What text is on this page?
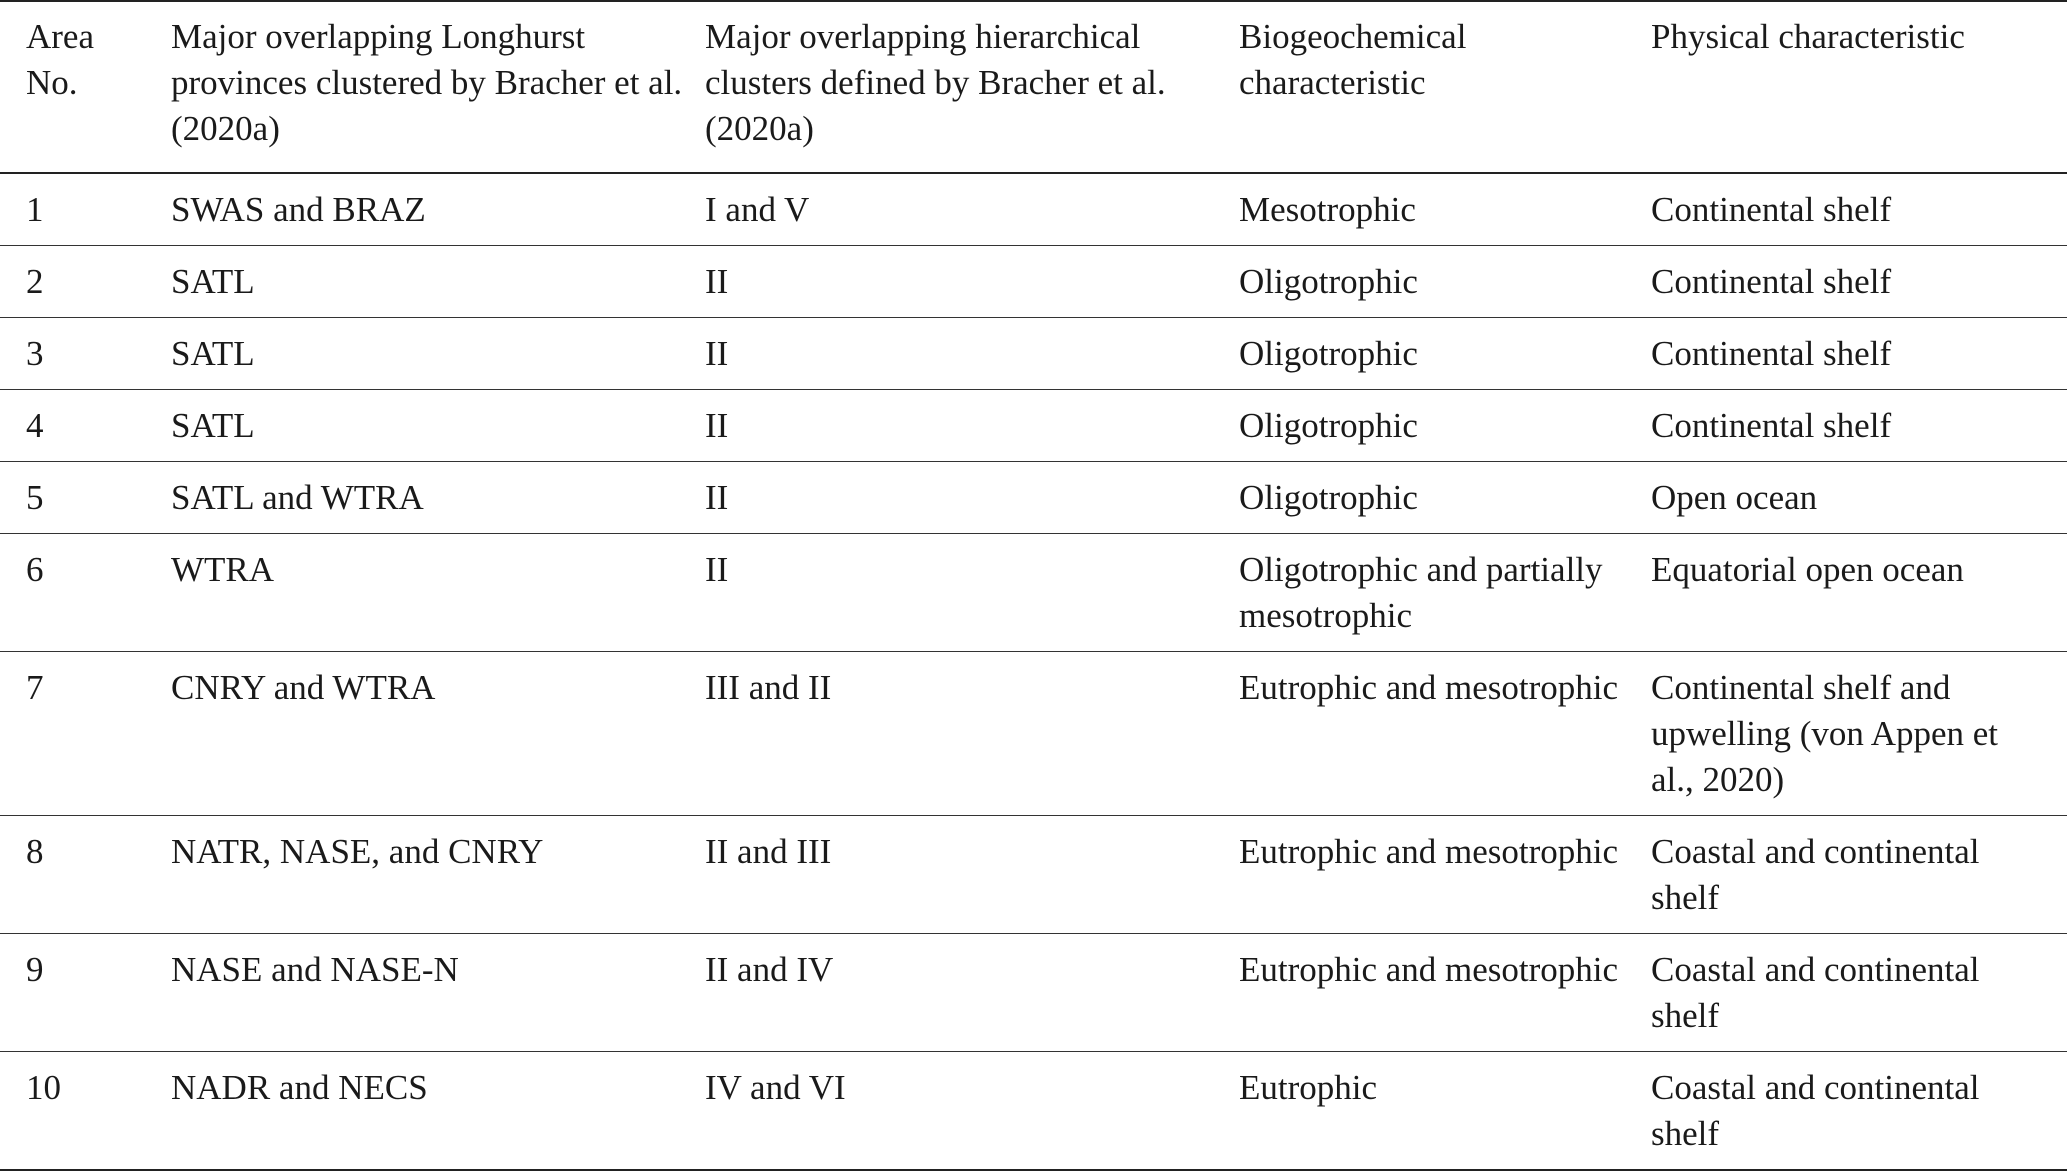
Area No.	Major overlapping Longhurst provinces clustered by Bracher et al. (2020a)	Major overlapping hierarchical clusters defined by Bracher et al. (2020a)	Biogeochemical characteristic	Physical characteristic

1	SWAS and BRAZ	I and V	Mesotrophic	Continental shelf

2	SATL	II	Oligotrophic	Continental shelf

3	SATL	II	Oligotrophic	Continental shelf

4	SATL	II	Oligotrophic	Continental shelf

5	SATL and WTRA	II	Oligotrophic	Open ocean

6	WTRA	II	Oligotrophic and partially mesotrophic	Equatorial open ocean

7	CNRY and WTRA	III and II	Eutrophic and mesotrophic	Continental shelf and upwelling (von Appen et al., 2020)

8	NATR, NASE, and CNRY	II and III	Eutrophic and mesotrophic	Coastal and continental shelf

9	NASE and NASE-N	II and IV	Eutrophic and mesotrophic	Coastal and continental shelf

10	NADR and NECS	IV and VI	Eutrophic	Coastal and continental shelf
